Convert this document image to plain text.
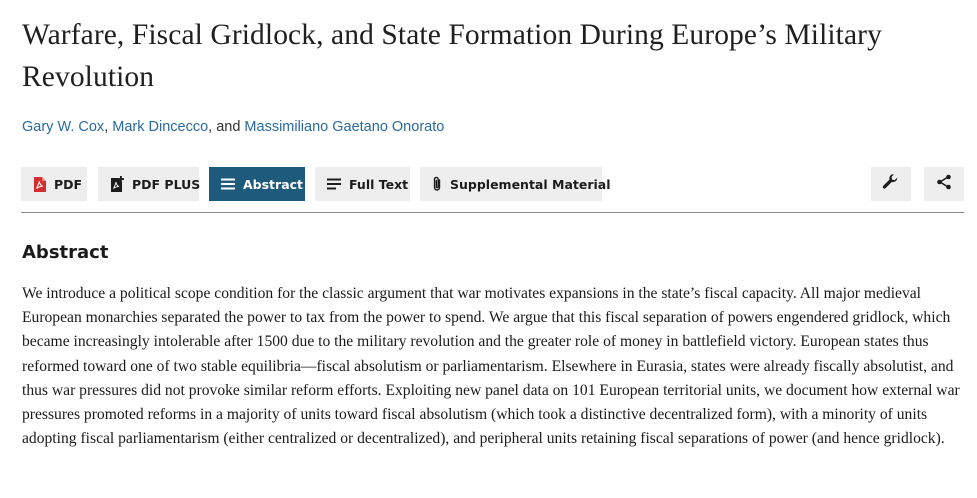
Warfare, Fiscal Gridlock, and State Formation During Europe’s Military Revolution
Gary W. Cox, Mark Dincecco, and Massimiliano Gaetano Onorato
PDF	PDF PLUS	Abstract	Full Text	Supplemental Material
Abstract

We introduce a political scope condition for the classic argument that war motivates expansions in the state’s fiscal capacity. All major medieval European monarchies separated the power to tax from the power to spend. We argue that this fiscal separation of powers engendered gridlock, which became increasingly intolerable after 1500 due to the military revolution and the greater role of money in battlefield victory. European states thus reformed toward one of two stable equilibria—fiscal absolutism or parliamentarism. Elsewhere in Eurasia, states were already fiscally absolutist, and thus war pressures did not provoke similar reform efforts. Exploiting new panel data on 101 European territorial units, we document how external war pressures promoted reforms in a majority of units toward fiscal absolutism (which took a distinctive decentralized form), with a minority of units adopting fiscal parliamentarism (either centralized or decentralized), and peripheral units retaining fiscal separations of power (and hence gridlock).
